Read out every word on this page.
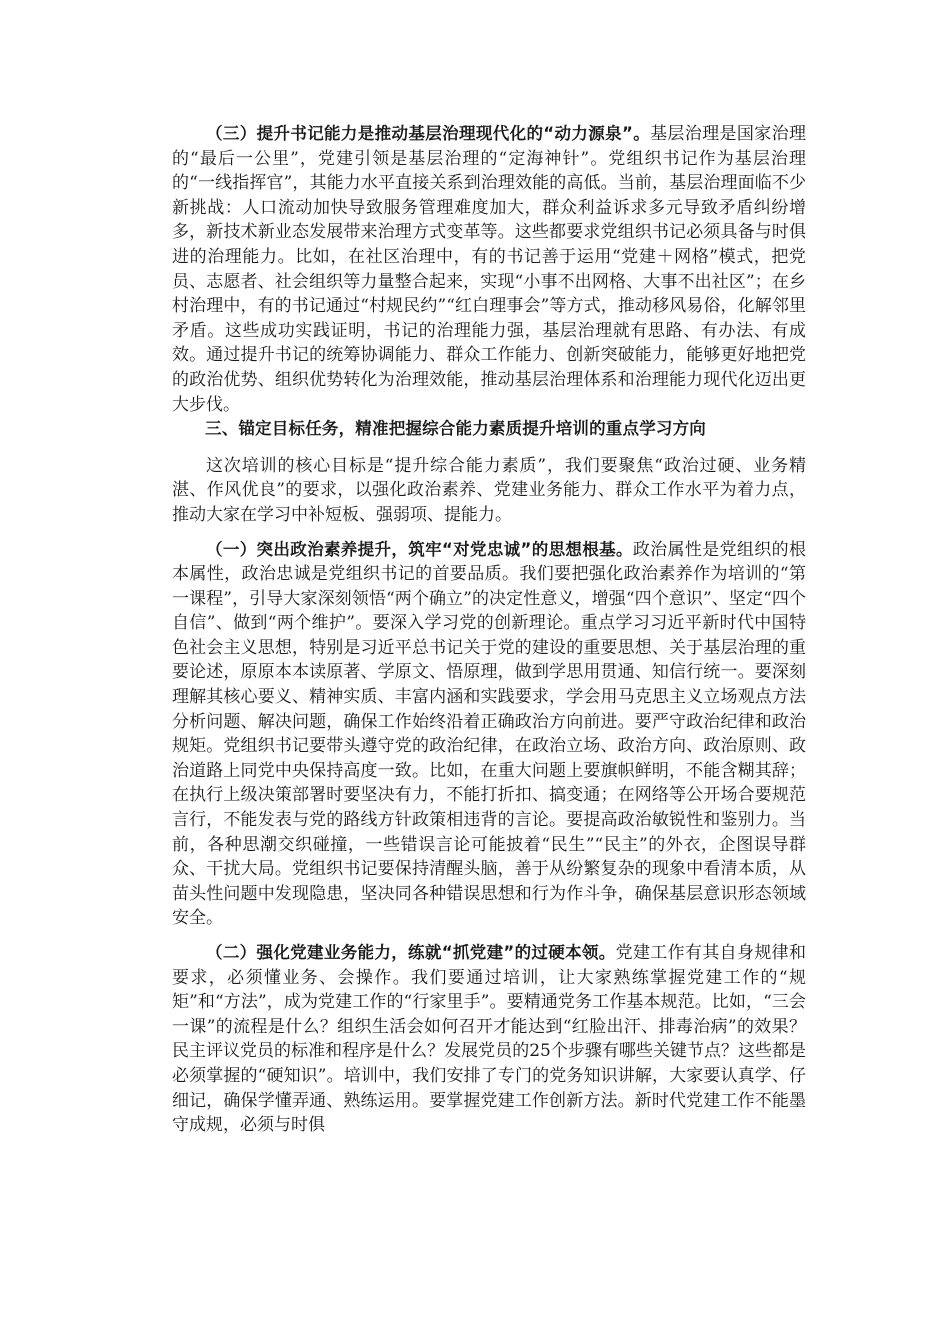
（三）提升书记能力是推动基层治理现代化的“动力源泉”。基层治理是国家治理的“最后一公里”，党建引领是基层治理的“定海神针”。党组织书记作为基层治理的“一线指挥官”，其能力水平直接关系到治理效能的高低。当前，基层治理面临不少新挑战：人口流动加快导致服务管理难度加大，群众利益诉求多元导致矛盾纠纷增多，新技术新业态发展带来治理方式变革等。这些都要求党组织书记必须具备与时俱进的治理能力。比如，在社区治理中，有的书记善于运用“党建＋网格”模式，把党员、志愿者、社会组织等力量整合起来，实现“小事不出网格、大事不出社区”；在乡村治理中，有的书记通过“村规民约”“红白理事会”等方式，推动移风易俗，化解邻里矛盾。这些成功实践证明，书记的治理能力强，基层治理就有思路、有办法、有成效。通过提升书记的统筹协调能力、群众工作能力、创新突破能力，能够更好地把党的政治优势、组织优势转化为治理效能，推动基层治理体系和治理能力现代化迈出更大步伐。

三、锚定目标任务，精准把握综合能力素质提升培训的重点学习方向

这次培训的核心目标是“提升综合能力素质”，我们要聚焦“政治过硬、业务精湛、作风优良”的要求，以强化政治素养、党建业务能力、群众工作水平为着力点，推动大家在学习中补短板、强弱项、提能力。

（一）突出政治素养提升，筑牢“对党忠诚”的思想根基。政治属性是党组织的根本属性，政治忠诚是党组织书记的首要品质。我们要把强化政治素养作为培训的“第一课程”，引导大家深刻领悟“两个确立”的决定性意义，增强“四个意识”、坚定“四个自信”、做到“两个维护”。要深入学习党的创新理论。重点学习习近平新时代中国特色社会主义思想，特别是习近平总书记关于党的建设的重要思想、关于基层治理的重要论述，原原本本读原著、学原文、悟原理，做到学思用贯通、知信行统一。要深刻理解其核心要义、精神实质、丰富内涵和实践要求，学会用马克思主义立场观点方法分析问题、解决问题，确保工作始终沿着正确政治方向前进。要严守政治纪律和政治规矩。党组织书记要带头遵守党的政治纪律，在政治立场、政治方向、政治原则、政治道路上同党中央保持高度一致。比如，在重大问题上要旗帜鲜明，不能含糊其辞；在执行上级决策部署时要坚决有力，不能打折扣、搞变通；在网络等公开场合要规范言行，不能发表与党的路线方针政策相违背的言论。要提高政治敏锐性和鉴别力。当前，各种思潮交织碰撞，一些错误言论可能披着“民生”“民主”的外衣，企图误导群众、干扰大局。党组织书记要保持清醒头脑，善于从纷繁复杂的现象中看清本质，从苗头性问题中发现隐患，坚决同各种错误思想和行为作斗争，确保基层意识形态领域安全。

（二）强化党建业务能力，练就“抓党建”的过硬本领。党建工作有其自身规律和要求，必须懂业务、会操作。我们要通过培训，让大家熟练掌握党建工作的“规矩”和“方法”，成为党建工作的“行家里手”。要精通党务工作基本规范。比如，“三会一课”的流程是什么？组织生活会如何召开才能达到“红脸出汗、排毒治病”的效果？民主评议党员的标准和程序是什么？发展党员的25个步骤有哪些关键节点？这些都是必须掌握的“硬知识”。培训中，我们安排了专门的党务知识讲解，大家要认真学、仔细记，确保学懂弄通、熟练运用。要掌握党建工作创新方法。新时代党建工作不能墨守成规，必须与时俱
